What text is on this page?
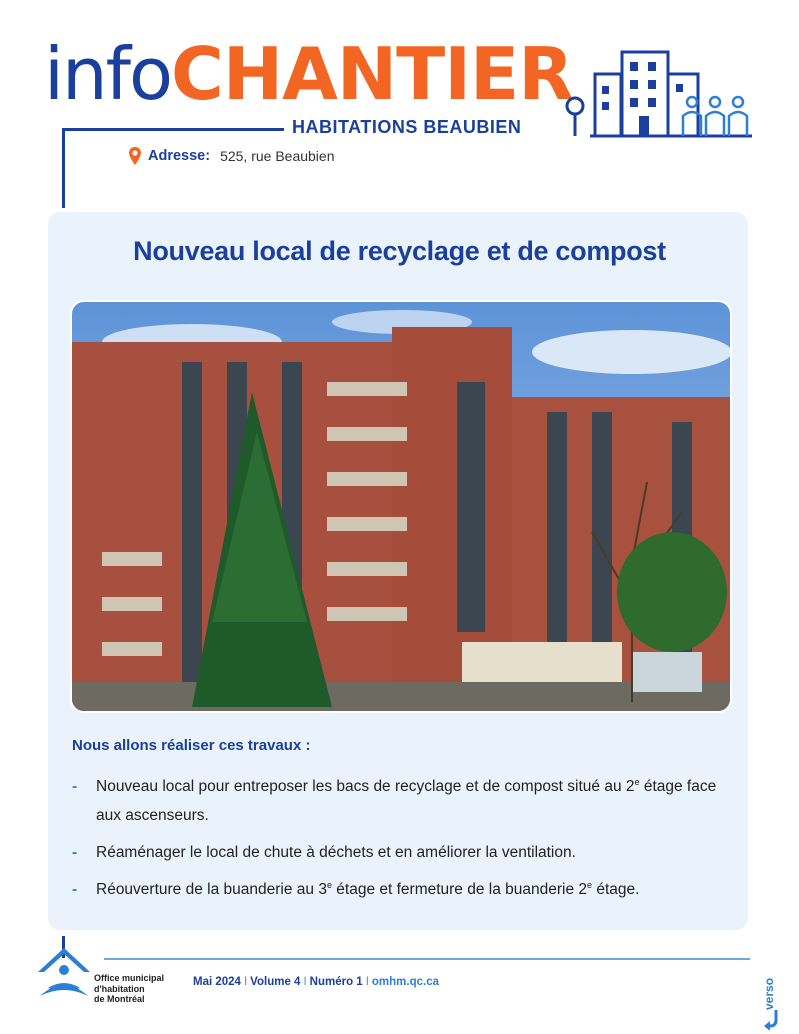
infoCHANTIER
HABITATIONS BEAUBIEN
Adresse: 525, rue Beaubien
Nouveau local de recyclage et de compost
Nous allons réaliser ces travaux :
- Nouveau local pour entreposer les bacs de recyclage et de compost situé au 2e étage face aux ascenseurs.
- Réaménager le local de chute à déchets et en améliorer la ventilation.
- Réouverture de la buanderie au 3e étage et fermeture de la buanderie 2e étage.
Office municipal
d'habitation
de Montréal
Mai 2024 I Volume 4 I Numéro 1 I omhm.qc.ca	verso
